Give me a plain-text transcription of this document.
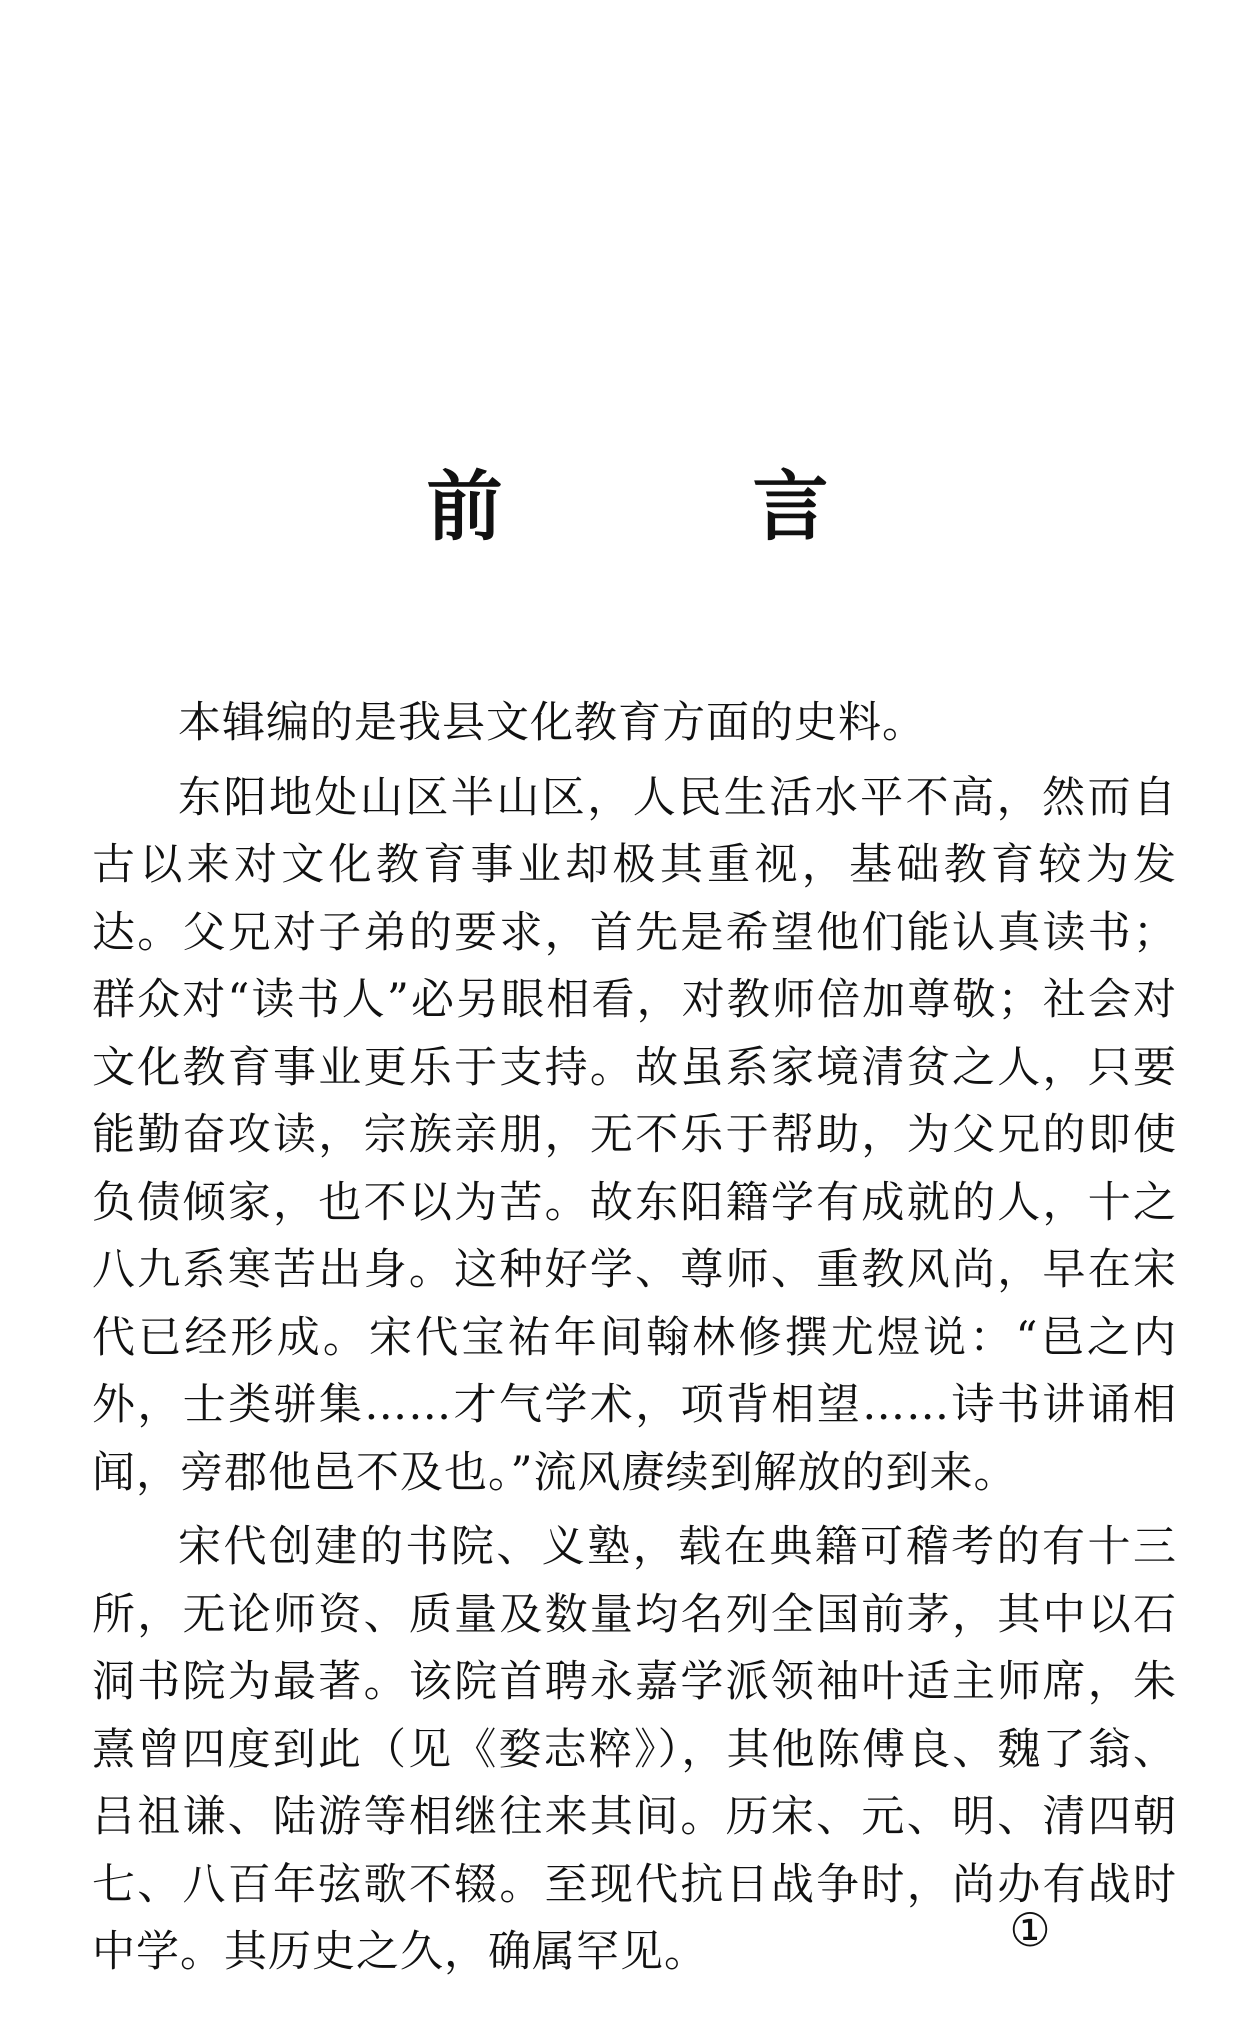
前	言

本辑编的是我县文化教育方面的史料。

东阳地处山区半山区，人民生活水平不高，然而自古以来对文化教育事业却极其重视，基础教育较为发达。父兄对子弟的要求，首先是希望他们能认真读书；群众对“读书人”必另眼相看，对教师倍加尊敬；社会对文化教育事业更乐于支持。故虽系家境清贫之人，只要能勤奋攻读，宗族亲朋，无不乐于帮助，为父兄的即使负债倾家，也不以为苦。故东阳籍学有成就的人，十之八九系寒苦出身。这种好学、尊师、重教风尚，早在宋代已经形成。宋代宝祐年间翰林修撰尤煜说：“邑之内外，士类骈集……才气学术，项背相望……诗书讲诵相闻，旁郡他邑不及也。”流风赓续到解放的到来。

宋代创建的书院、义塾，载在典籍可稽考的有十三所，无论师资、质量及数量均名列全国前茅，其中以石洞书院为最著。该院首聘永嘉学派领袖叶适主师席，朱熹曾四度到此（见《婺志粹》），其他陈傅良、魏了翁、吕祖谦、陆游等相继往来其间。历宋、元、明、清四朝七、八百年弦歌不辍。至现代抗日战争时，尚办有战时中学。其历史之久，确属罕见。	①
